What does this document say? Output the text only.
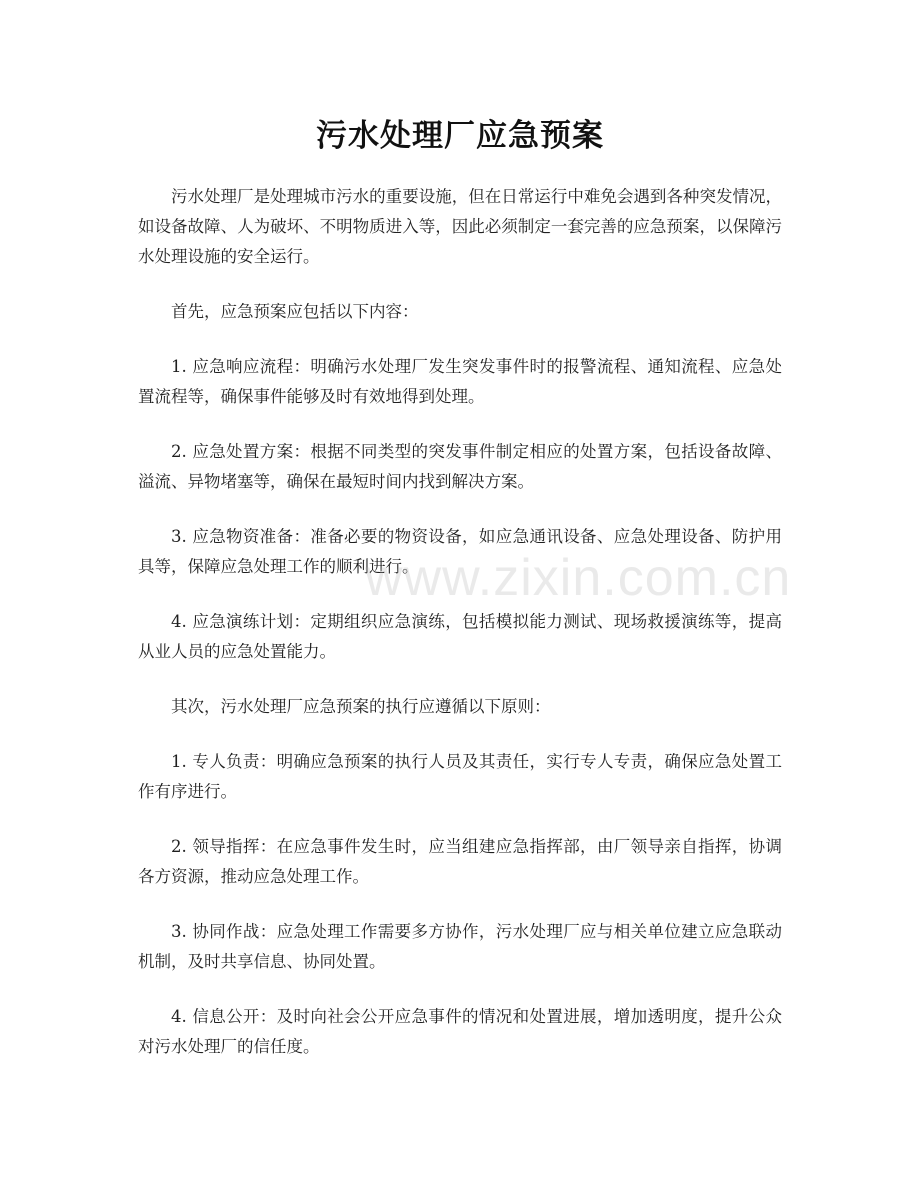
污水处理厂应急预案

污水处理厂是处理城市污水的重要设施，但在日常运行中难免会遇到各种突发情况，如设备故障、人为破坏、不明物质进入等，因此必须制定一套完善的应急预案，以保障污水处理设施的安全运行。

首先，应急预案应包括以下内容：

1. 应急响应流程：明确污水处理厂发生突发事件时的报警流程、通知流程、应急处置流程等，确保事件能够及时有效地得到处理。

2. 应急处置方案：根据不同类型的突发事件制定相应的处置方案，包括设备故障、溢流、异物堵塞等，确保在最短时间内找到解决方案。

3. 应急物资准备：准备必要的物资设备，如应急通讯设备、应急处理设备、防护用具等，保障应急处理工作的顺利进行。

4. 应急演练计划：定期组织应急演练，包括模拟能力测试、现场救援演练等，提高从业人员的应急处置能力。

其次，污水处理厂应急预案的执行应遵循以下原则：

1. 专人负责：明确应急预案的执行人员及其责任，实行专人专责，确保应急处置工作有序进行。

2. 领导指挥：在应急事件发生时，应当组建应急指挥部，由厂领导亲自指挥，协调各方资源，推动应急处理工作。

3. 协同作战：应急处理工作需要多方协作，污水处理厂应与相关单位建立应急联动机制，及时共享信息、协同处置。

4. 信息公开：及时向社会公开应急事件的情况和处置进展，增加透明度，提升公众对污水处理厂的信任度。

www.zixin.com.cn
